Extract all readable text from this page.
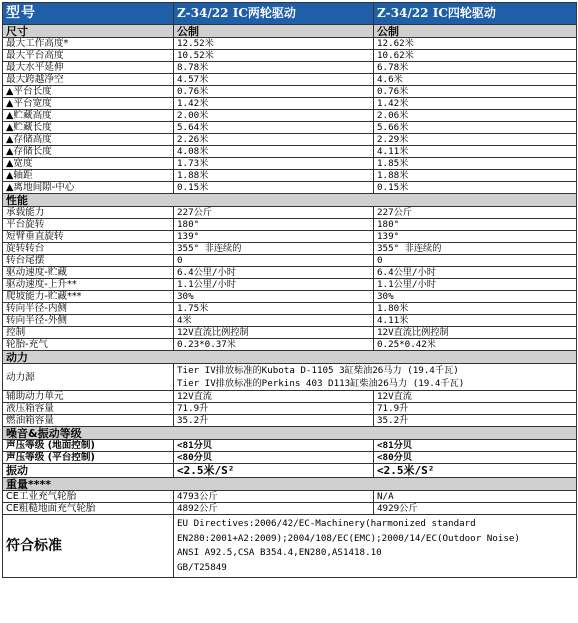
型号	Z-34/22 IC两轮驱动	Z-34/22 IC四轮驱动
尺寸	公制	公制
最大工作高度*	12.52米	12.62米
最大平台高度	10.52米	10.62米
最大水平延伸	8.78米	6.78米
最大跨越净空	4.57米	4.6米
▲平台长度	0.76米	0.76米
▲平台宽度	1.42米	1.42米
▲贮藏高度	2.00米	2.06米
▲贮藏长度	5.64米	5.66米
▲存储高度	2.26米	2.29米
▲存储长度	4.08米	4.11米
▲宽度	1.73米	1.85米
▲轴距	1.88米	1.88米
▲离地间隙-中心	0.15米	0.15米
性能		
承载能力	227公斤	227公斤
平台旋转	180°	180°
短臂垂直旋转	139°	139°
旋转转台	355° 非连续的	355° 非连续的
转台尾摆	0	0
驱动速度-贮藏	6.4公里/小时	6.4公里/小时
驱动速度-上升**	1.1公里/小时	1.1公里/小时
爬坡能力-贮藏***	30%	30%
转向半径-内侧	1.75米	1.80米
转向半径-外侧	4米	4.11米
控制	12V直流比例控制	12V直流比例控制
轮胎-充气	0.23*0.37米	0.25*0.42米
动力		
动力源	Tier IV排放标准的Kubota D-1105 3缸柴油26马力 (19.4千瓦)
Tier IV排放标准的Perkins 403 D113缸柴油26马力 (19.4千瓦)	

辅助动力单元	12V直流	12V直流
液压箱容量	71.9升	71.9升
燃油箱容量	35.2升	35.2升
噪音&振动等级		
声压等级 (地面控制)	<81分贝	<81分贝
声压等级 (平台控制)	<80分贝	<80分贝
振动	<2.5米/S²	<2.5米/S²
重量****		
CE工业充气轮胎	4793公斤	N/A
CE粗糙地面充气轮胎	4892公斤	4929公斤
符合标准	EU Directives:2006/42/EC-Machinery(harmonized standard
EN280:2001+A2:2009);2004/108/EC(EMC);2000/14/EC(Outdoor Noise)
ANSI A92.5,CSA B354.4,EN280,AS1418.10
GB/T25849	
